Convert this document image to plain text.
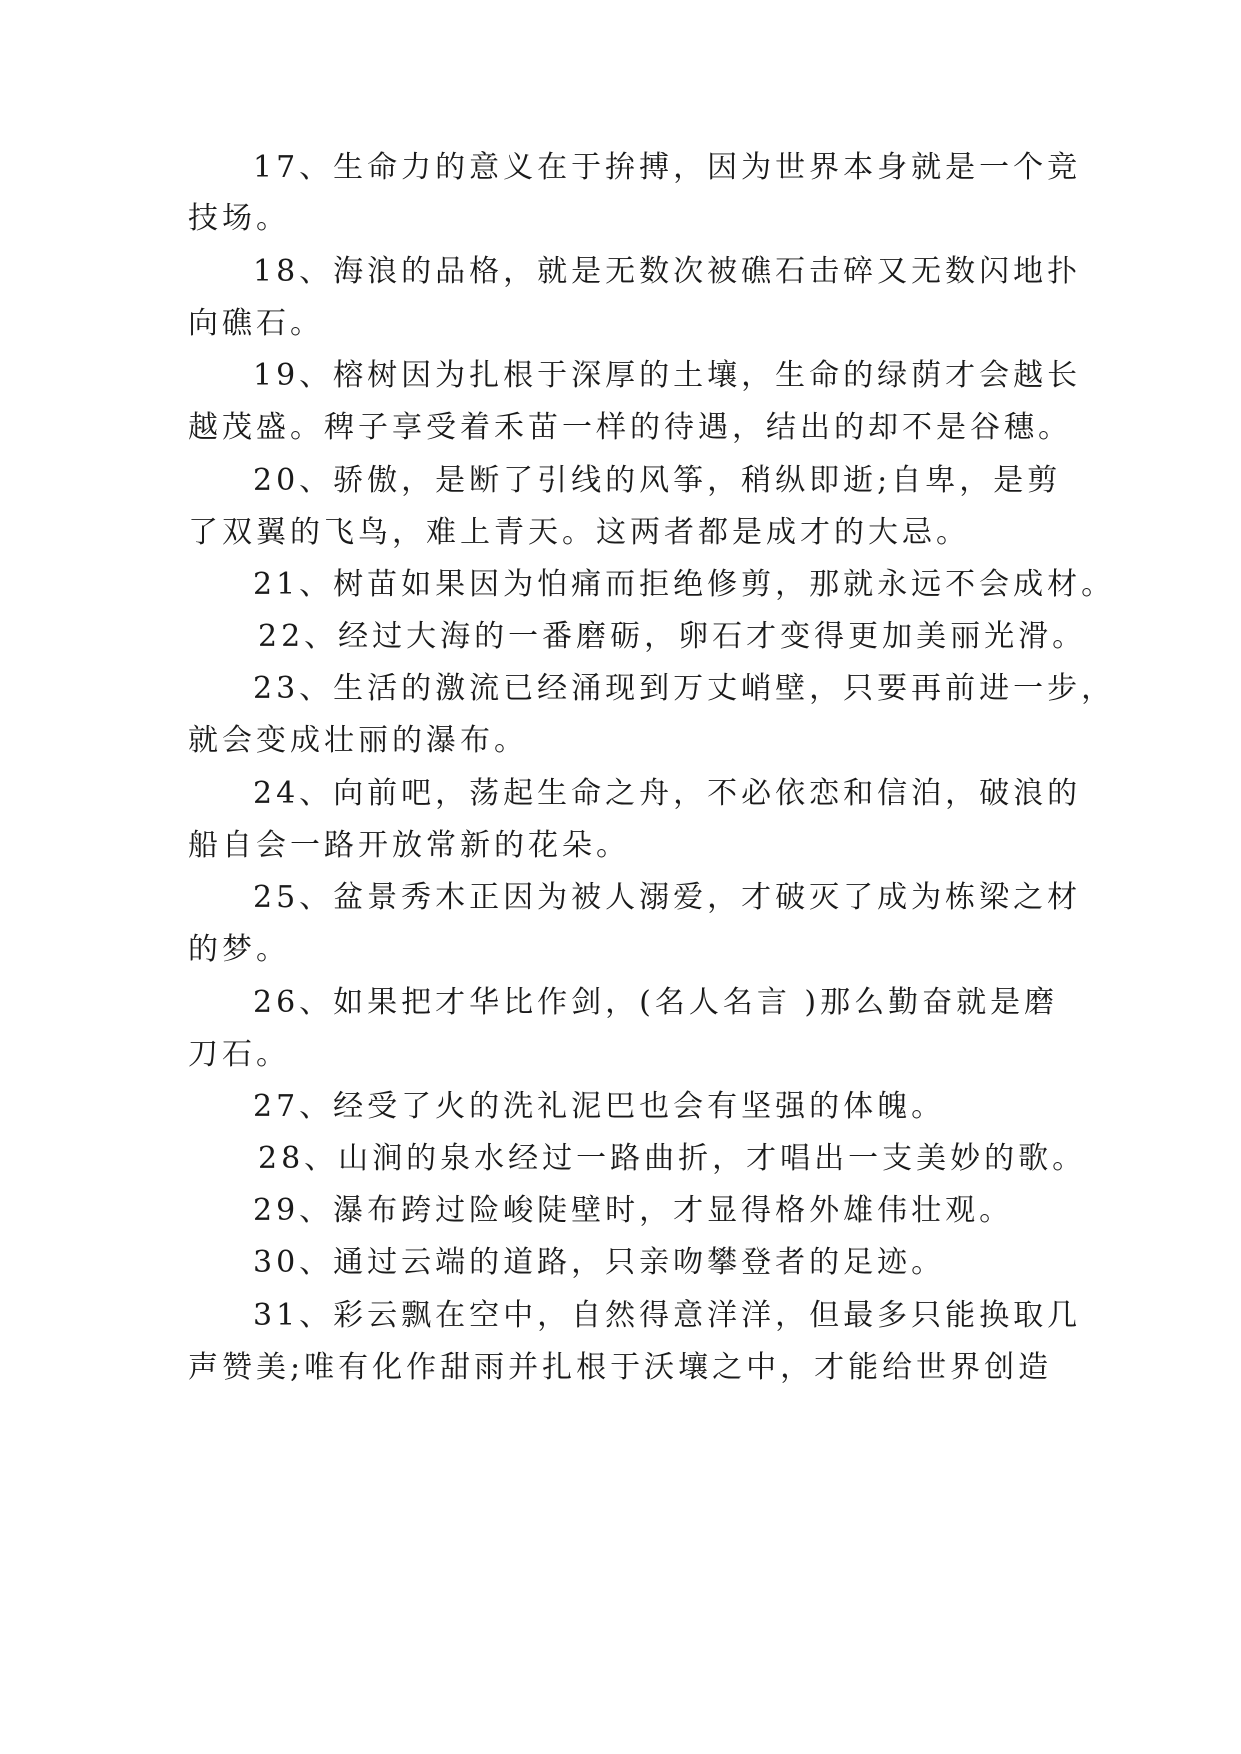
17、生命力的意义在于拚搏，因为世界本身就是一个竞
技场。
18、海浪的品格，就是无数次被礁石击碎又无数闪地扑
向礁石。
19、榕树因为扎根于深厚的土壤，生命的绿荫才会越长
越茂盛。稗子享受着禾苗一样的待遇，结出的却不是谷穗。
20、骄傲，是断了引线的风筝，稍纵即逝;自卑，是剪
了双翼的飞鸟，难上青天。这两者都是成才的大忌。
21、树苗如果因为怕痛而拒绝修剪，那就永远不会成材。
22、经过大海的一番磨砺，卵石才变得更加美丽光滑。
23、生活的激流已经涌现到万丈峭壁，只要再前进一步，
就会变成壮丽的瀑布。
24、向前吧，荡起生命之舟，不必依恋和信泊，破浪的
船自会一路开放常新的花朵。
25、盆景秀木正因为被人溺爱，才破灭了成为栋梁之材
的梦。
26、如果把才华比作剑，(名人名言 )那么勤奋就是磨
刀石。
27、经受了火的洗礼泥巴也会有坚强的体魄。
28、山涧的泉水经过一路曲折，才唱出一支美妙的歌。
29、瀑布跨过险峻陡壁时，才显得格外雄伟壮观。
30、通过云端的道路，只亲吻攀登者的足迹。
31、彩云飘在空中，自然得意洋洋，但最多只能换取几
声赞美;唯有化作甜雨并扎根于沃壤之中，才能给世界创造
